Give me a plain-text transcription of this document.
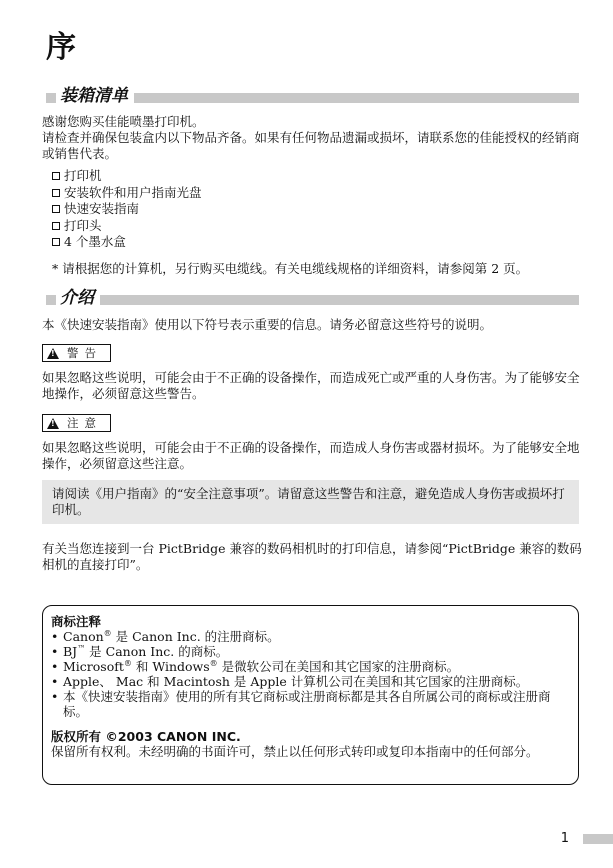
序
装箱清单
感谢您购买佳能喷墨打印机。
请检查并确保包装盒内以下物品齐备。如果有任何物品遗漏或损坏，请联系您的佳能授权的经销商或销售代表。
打印机
安装软件和用户指南光盘
快速安装指南
打印头
4 个墨水盒
* 请根据您的计算机，另行购买电缆线。有关电缆线规格的详细资料，请参阅第 2 页。
介绍
本《快速安装指南》使用以下符号表示重要的信息。请务必留意这些符号的说明。
! 警告
如果忽略这些说明，可能会由于不正确的设备操作，而造成死亡或严重的人身伤害。为了能够安全地操作，必须留意这些警告。
! 注意
如果忽略这些说明，可能会由于不正确的设备操作，而造成人身伤害或器材损坏。为了能够安全地操作，必须留意这些注意。
请阅读《用户指南》的“安全注意事项”。请留意这些警告和注意，避免造成人身伤害或损坏打印机。
有关当您连接到一台 PictBridge 兼容的数码相机时的打印信息，请参阅“PictBridge 兼容的数码相机的直接打印”。
商标注释
• Canon® 是 Canon Inc. 的注册商标。
• BJ™ 是 Canon Inc. 的商标。
• Microsoft® 和 Windows® 是微软公司在美国和其它国家的注册商标。
• Apple、 Mac 和 Macintosh 是 Apple 计算机公司在美国和其它国家的注册商标。
• 本《快速安装指南》使用的所有其它商标或注册商标都是其各自所属公司的商标或注册商标。
版权所有 ©2003 CANON INC.
保留所有权利。未经明确的书面许可，禁止以任何形式转印或复印本指南中的任何部分。
1
